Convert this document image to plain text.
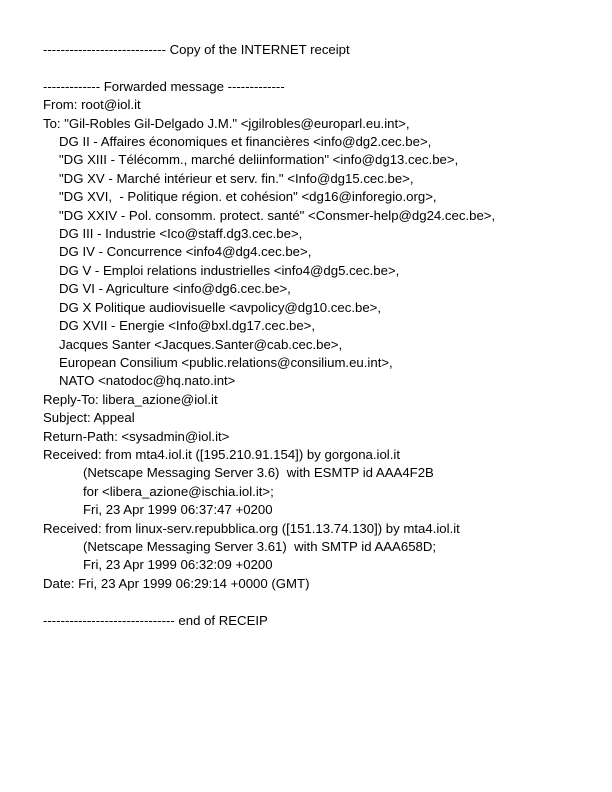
---------------------------- Copy of the INTERNET receipt
------------- Forwarded message -------------
From: root@iol.it
To: "Gil-Robles Gil-Delgado J.M." <jgilrobles@europarl.eu.int>,
DG II - Affaires économiques et financières <info@dg2.cec.be>,
"DG XIII - Télécomm., marché deliinformation" <info@dg13.cec.be>,
"DG XV - Marché intérieur et serv. fin." <Info@dg15.cec.be>,
"DG XVI,  - Politique région. et cohésion" <dg16@inforegio.org>,
"DG XXIV - Pol. consomm. protect. santé" <Consmer-help@dg24.cec.be>,
DG III - Industrie <Ico@staff.dg3.cec.be>,
DG IV - Concurrence <info4@dg4.cec.be>,
DG V - Emploi relations industrielles <info4@dg5.cec.be>,
DG VI - Agriculture <info@dg6.cec.be>,
DG X Politique audiovisuelle <avpolicy@dg10.cec.be>,
DG XVII - Energie <Info@bxl.dg17.cec.be>,
Jacques Santer <Jacques.Santer@cab.cec.be>,
European Consilium <public.relations@consilium.eu.int>,
NATO <natodoc@hq.nato.int>
Reply-To: libera_azione@iol.it
Subject: Appeal
Return-Path: <sysadmin@iol.it>
Received: from mta4.iol.it ([195.210.91.154]) by gorgona.iol.it
(Netscape Messaging Server 3.6)  with ESMTP id AAA4F2B
for <libera_azione@ischia.iol.it>;
Fri, 23 Apr 1999 06:37:47 +0200
Received: from linux-serv.repubblica.org ([151.13.74.130]) by mta4.iol.it
(Netscape Messaging Server 3.61)  with SMTP id AAA658D;
Fri, 23 Apr 1999 06:32:09 +0200
Date: Fri, 23 Apr 1999 06:29:14 +0000 (GMT)
------------------------------ end of RECEIP
